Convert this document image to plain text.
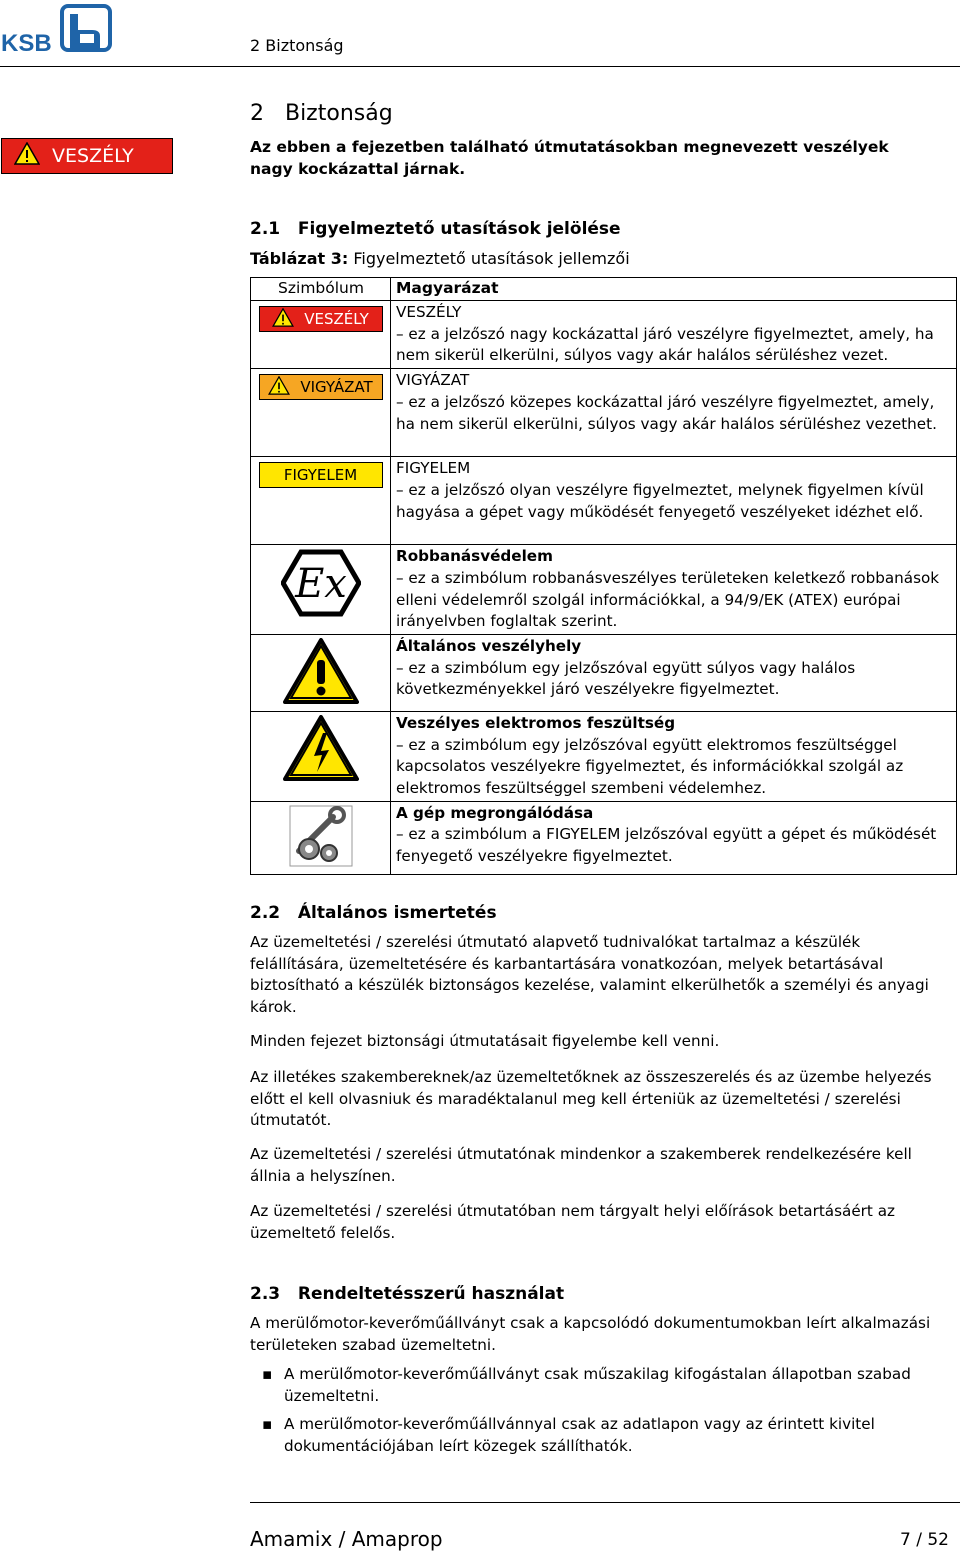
KSB	2 Biztonság
2   Biztonság
VESZÉLY	Az ebben a fejezetben található útmutatásokban megnevezett veszélyek nagy kockázattal járnak.
2.1   Figyelmeztető utasítások jelölése
Táblázat 3: Figyelmeztető utasítások jellemzői
Szimbólum	Magyarázat

VESZÉLY	VESZÉLY
– ez a jelzőszó nagy kockázattal járó veszélyre figyelmeztet, amely, ha nem sikerül elkerülni, súlyos vagy akár halálos sérüléshez vezet.

VIGYÁZAT	VIGYÁZAT
– ez a jelzőszó közepes kockázattal járó veszélyre figyelmeztet, amely, ha nem sikerül elkerülni, súlyos vagy akár halálos sérüléshez vezethet.

FIGYELEM	FIGYELEM
– ez a jelzőszó olyan veszélyre figyelmeztet, melynek figyelmen kívül hagyása a gépet vagy működését fenyegető veszélyeket idézhet elő.

Ex	Robbanásvédelem
– ez a szimbólum robbanásveszélyes területeken keletkező robbanások elleni védelemről szolgál információkkal, a 94/9/EK (ATEX) európai irányelvben foglaltak szerint.

Általános veszélyhely
– ez a szimbólum egy jelzőszóval együtt súlyos vagy halálos következményekkel járó veszélyekre figyelmeztet.

Veszélyes elektromos feszültség
– ez a szimbólum egy jelzőszóval együtt elektromos feszültséggel kapcsolatos veszélyekre figyelmeztet, és információkkal szolgál az elektromos feszültséggel szembeni védelemhez.

A gép megrongálódása
– ez a szimbólum a FIGYELEM jelzőszóval együtt a gépet és működését fenyegető veszélyekre figyelmeztet.
2.2   Általános ismertetés
Az üzemeltetési / szerelési útmutató alapvető tudnivalókat tartalmaz a készülék felállítására, üzemeltetésére és karbantartására vonatkozóan, melyek betartásával biztosítható a készülék biztonságos kezelése, valamint elkerülhetők a személyi és anyagi károk.
Minden fejezet biztonsági útmutatásait figyelembe kell venni.
Az illetékes szakembereknek/az üzemeltetőknek az összeszerelés és az üzembe helyezés előtt el kell olvasniuk és maradéktalanul meg kell érteniük az üzemeltetési / szerelési útmutatót.
Az üzemeltetési / szerelési útmutatónak mindenkor a szakemberek rendelkezésére kell állnia a helyszínen.
Az üzemeltetési / szerelési útmutatóban nem tárgyalt helyi előírások betartásáért az üzemeltető felelős.
2.3   Rendeltetésszerű használat
A merülőmotor-keverőműállványt csak a kapcsolódó dokumentumokban leírt alkalmazási területeken szabad üzemeltetni.
▪ A merülőmotor-keverőműállványt csak műszakilag kifogástalan állapotban szabad üzemeltetni.
▪ A merülőmotor-keverőműállvánnyal csak az adatlapon vagy az érintett kivitel dokumentációjában leírt közegek szállíthatók.
Amamix / Amaprop	7 / 52
